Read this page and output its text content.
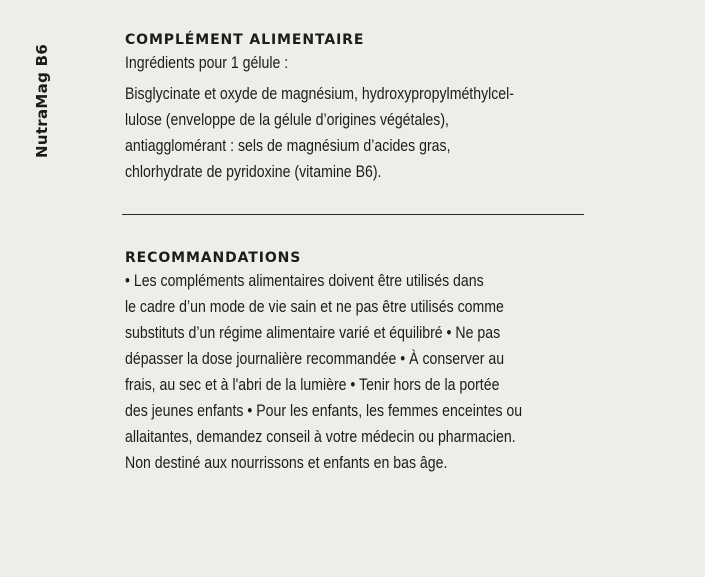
NutraMag B6
COMPLÉMENT ALIMENTAIRE
Ingrédients pour 1 gélule :
Bisglycinate et oxyde de magnésium, hydroxypropylméthylcel-
lulose (enveloppe de la gélule d’origines végétales),
antiagglomérant : sels de magnésium d’acides gras,
chlorhydrate de pyridoxine (vitamine B6).
RECOMMANDATIONS
• Les compléments alimentaires doivent être utilisés dans
le cadre d’un mode de vie sain et ne pas être utilisés comme
substituts d’un régime alimentaire varié et équilibré • Ne pas
dépasser la dose journalière recommandée • À conserver au
frais, au sec et à l'abri de la lumière • Tenir hors de la portée
des jeunes enfants • Pour les enfants, les femmes enceintes ou
allaitantes, demandez conseil à votre médecin ou pharmacien.
Non destiné aux nourrissons et enfants en bas âge.
